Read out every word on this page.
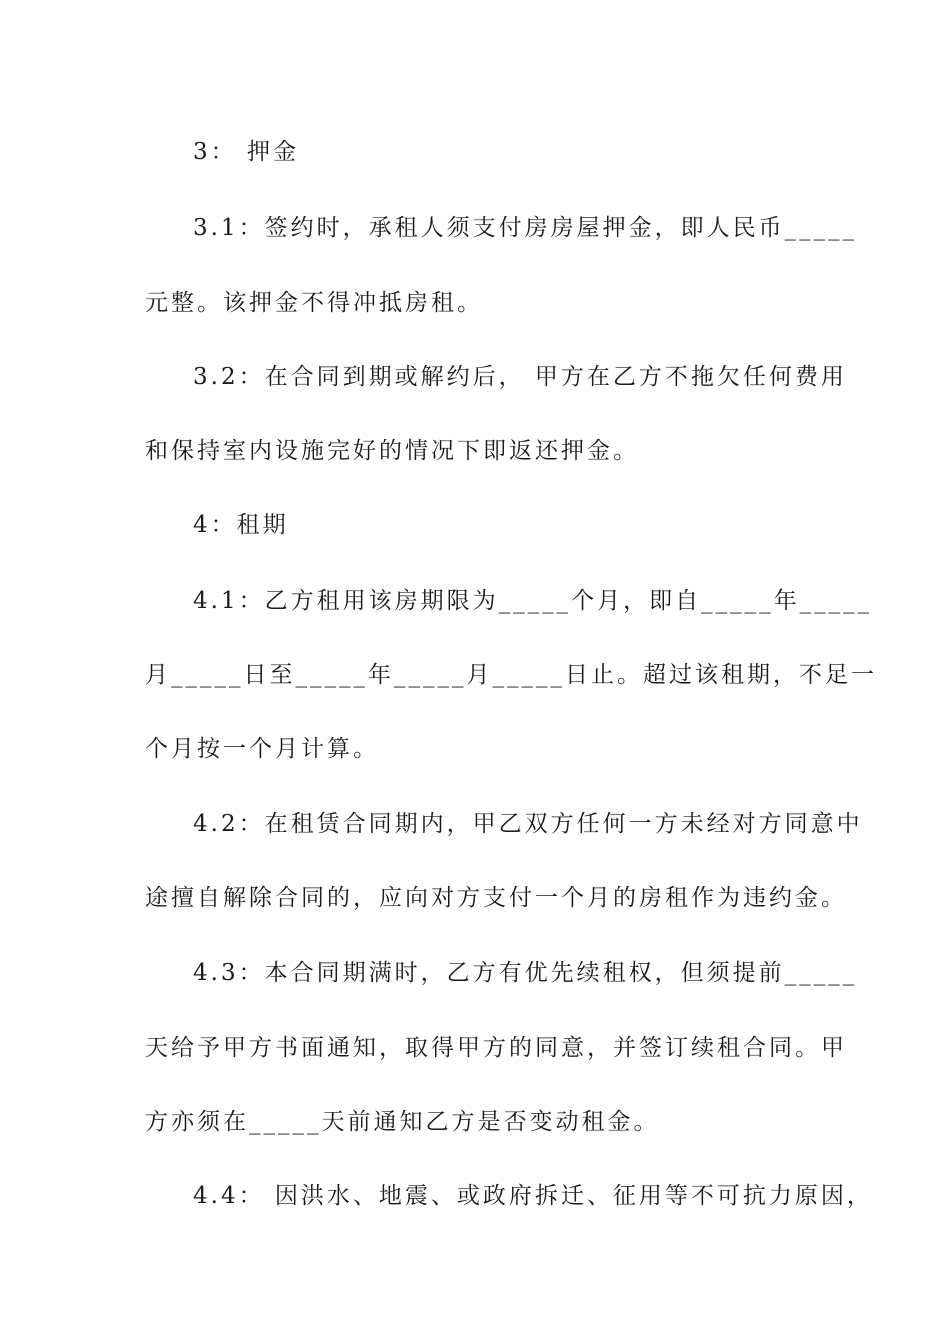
3： 押金
3.1：签约时，承租人须支付房房屋押金，即人民币_____
元整。该押金不得冲抵房租。
3.2：在合同到期或解约后， 甲方在乙方不拖欠任何费用
和保持室内设施完好的情况下即返还押金。
4：租期
4.1：乙方租用该房期限为_____个月，即自_____年_____
月_____日至_____年_____月_____日止。超过该租期，不足一
个月按一个月计算。
4.2：在租赁合同期内，甲乙双方任何一方未经对方同意中
途擅自解除合同的，应向对方支付一个月的房租作为违约金。
4.3：本合同期满时，乙方有优先续租权，但须提前_____
天给予甲方书面通知，取得甲方的同意，并签订续租合同。甲
方亦须在_____天前通知乙方是否变动租金。
4.4： 因洪水、地震、或政府拆迁、征用等不可抗力原因，
